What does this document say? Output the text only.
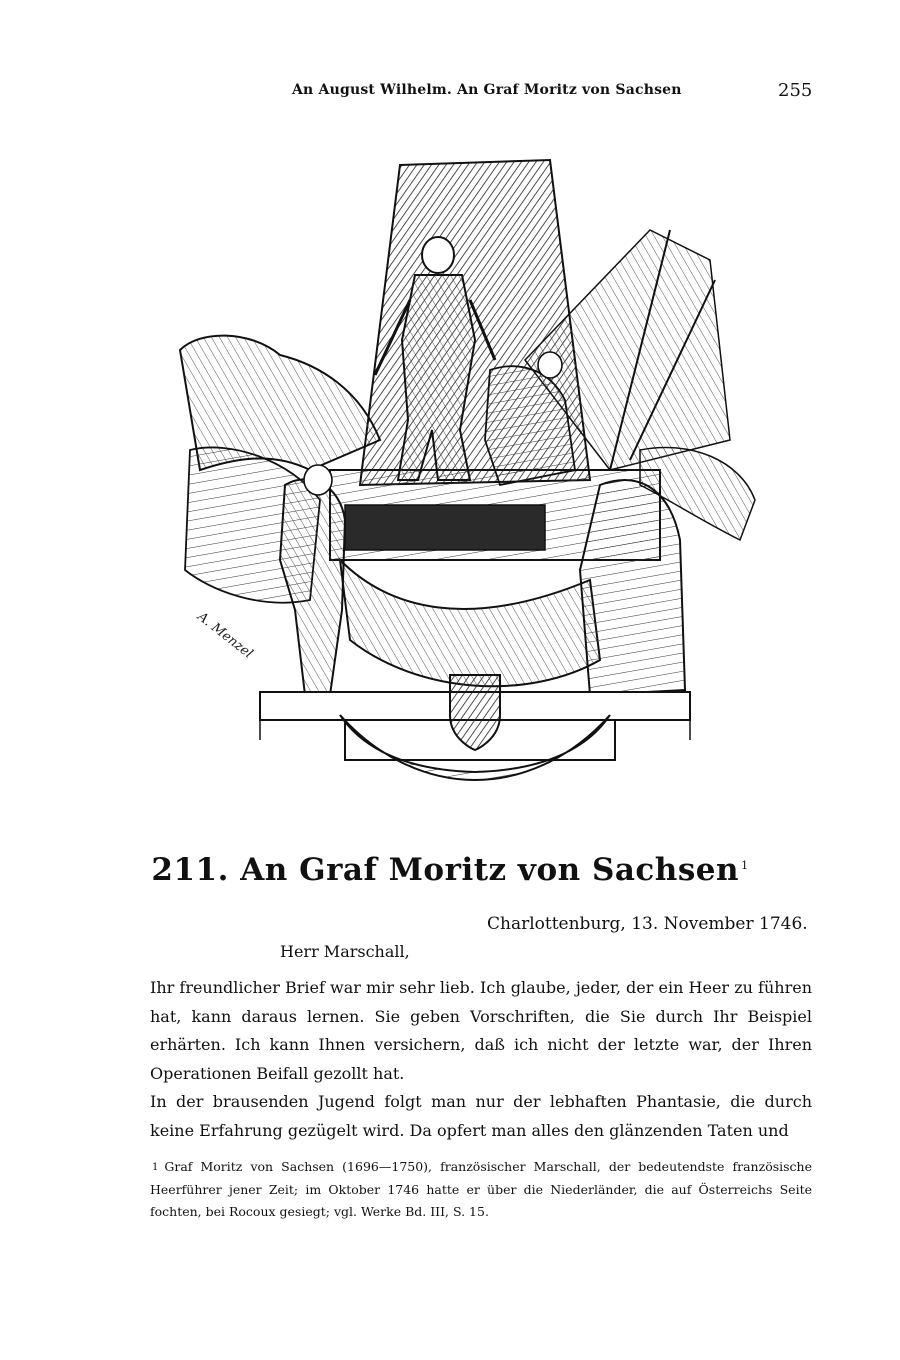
An August Wilhelm. An Graf Moritz von Sachsen	255
A. Menzel
211. An Graf Moritz von Sachsen $^1$
Charlottenburg, 13. November 1746.
Herr Marschall,

Ihr freundlicher Brief war mir sehr lieb. Ich glaube, jeder, der ein Heer zu führen hat, kann daraus lernen. Sie geben Vorschriften, die Sie durch Ihr Beispiel erhärten. Ich kann Ihnen versichern, daß ich nicht der letzte war, der Ihren Operationen Beifall gezollt hat.

In der brausenden Jugend folgt man nur der lebhaften Phantasie, die durch keine Erfahrung gezügelt wird. Da opfert man alles den glänzenden Taten und

1 Graf Moritz von Sachsen (1696—1750), französischer Marschall, der bedeutendste französische Heerführer jener Zeit; im Oktober 1746 hatte er über die Niederländer, die auf Österreichs Seite fochten, bei Rocoux gesiegt; vgl. Werke Bd. III, S. 15.
